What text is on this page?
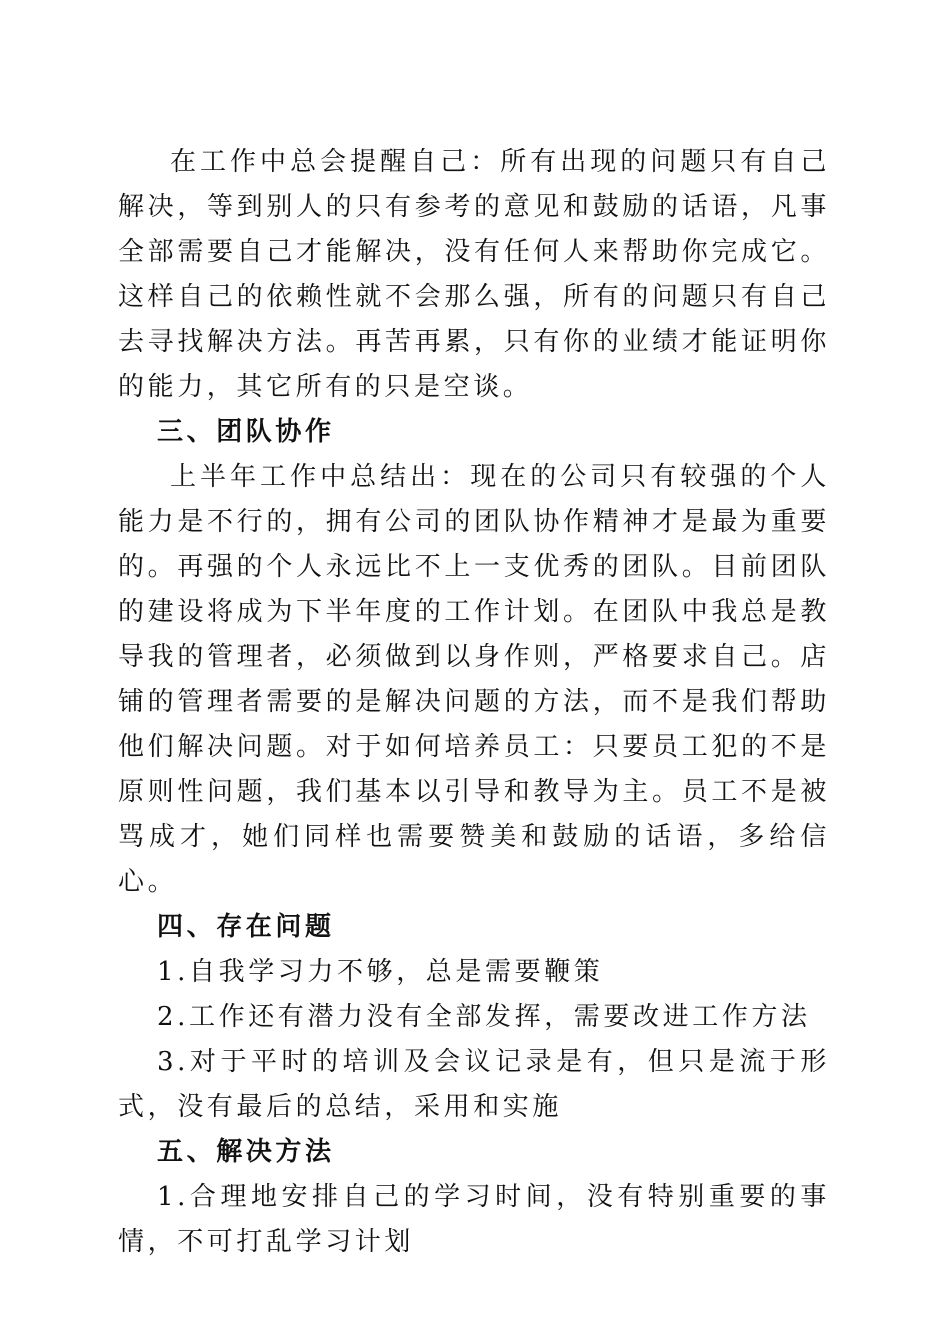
在工作中总会提醒自己：所有出现的问题只有自己解决，等到别人的只有参考的意见和鼓励的话语，凡事全部需要自己才能解决，没有任何人来帮助你完成它。这样自己的依赖性就不会那么强，所有的问题只有自己去寻找解决方法。再苦再累，只有你的业绩才能证明你的能力，其它所有的只是空谈。

三、团队协作

上半年工作中总结出：现在的公司只有较强的个人能力是不行的，拥有公司的团队协作精神才是最为重要的。再强的个人永远比不上一支优秀的团队。目前团队的建设将成为下半年度的工作计划。在团队中我总是教导我的管理者，必须做到以身作则，严格要求自己。店铺的管理者需要的是解决问题的方法，而不是我们帮助他们解决问题。对于如何培养员工：只要员工犯的不是原则性问题，我们基本以引导和教导为主。员工不是被骂成才，她们同样也需要赞美和鼓励的话语，多给信心。

四、存在问题

1.自我学习力不够，总是需要鞭策

2.工作还有潜力没有全部发挥，需要改进工作方法

3.对于平时的培训及会议记录是有，但只是流于形式，没有最后的总结，采用和实施

五、解决方法

1.合理地安排自己的学习时间，没有特别重要的事情，不可打乱学习计划
